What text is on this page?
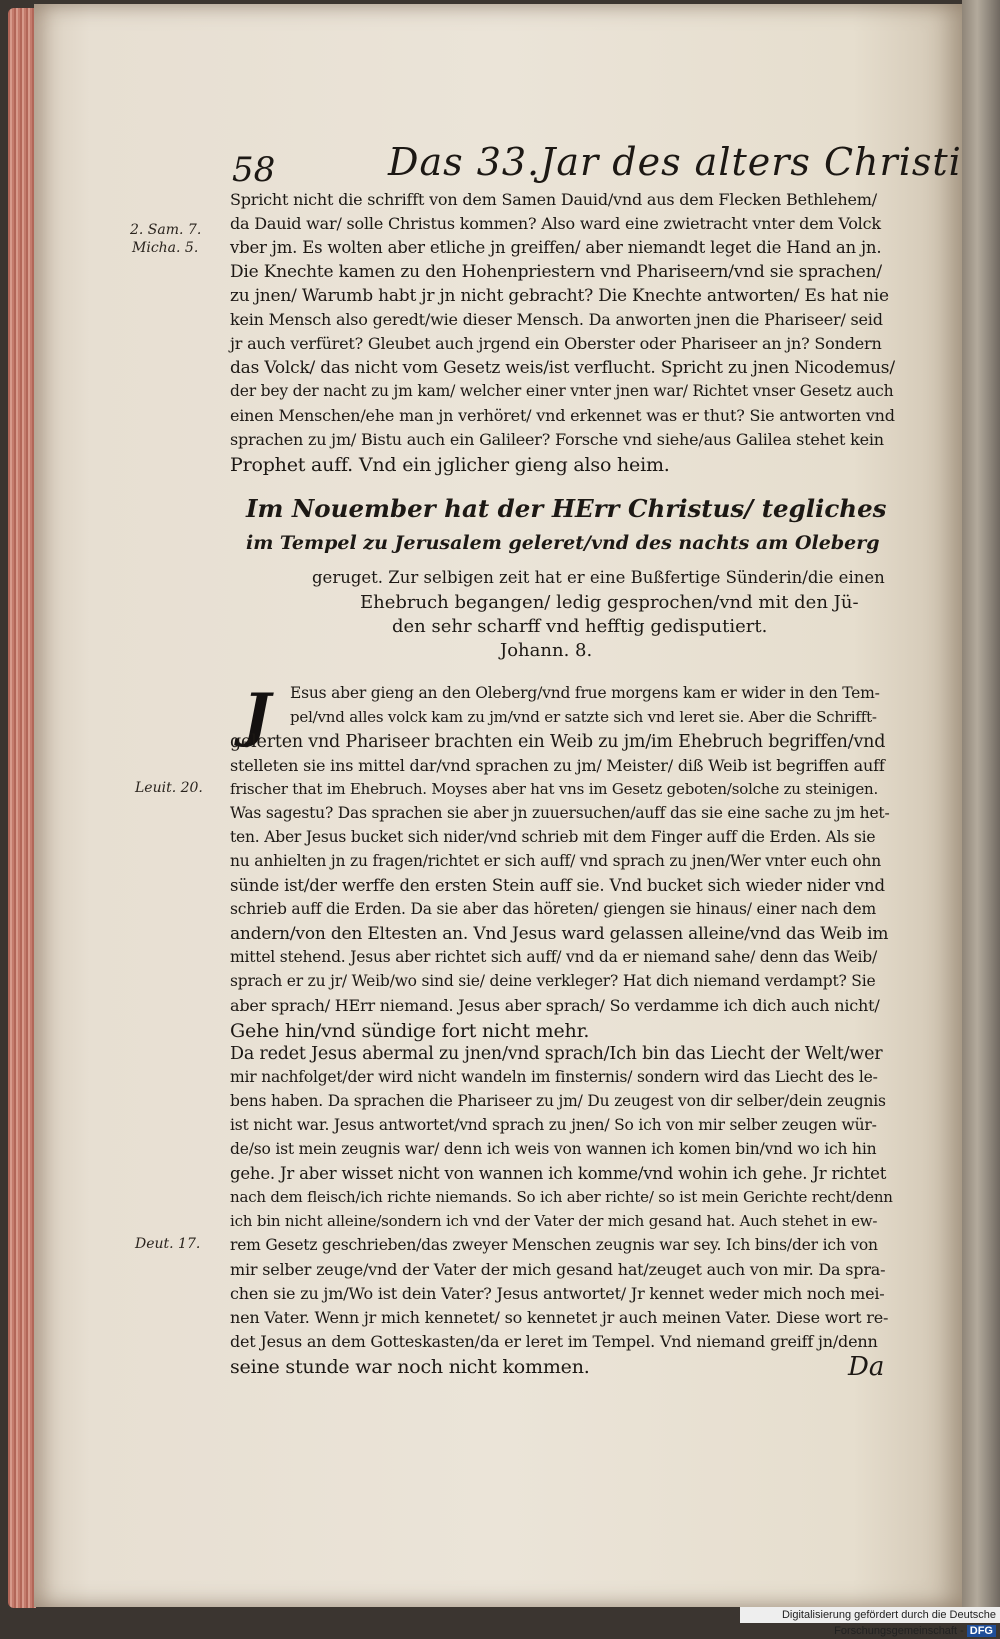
58	Das 33.Jar des alters Christi
2. Sam. 7.
Micha. 5.
Leuit. 20.
Deut. 17.
Spricht nicht die schrifft von dem Samen Dauid/vnd aus dem Flecken Bethlehem/
da Dauid war/ solle Christus kommen? Also ward eine zwietracht vnter dem Volck
vber jm. Es wolten aber etliche jn greiffen/ aber niemandt leget die Hand an jn.
Die Knechte kamen zu den Hohenpriestern vnd Phariseern/vnd sie sprachen/
zu jnen/ Warumb habt jr jn nicht gebracht? Die Knechte antworten/ Es hat nie
kein Mensch also geredt/wie dieser Mensch. Da anworten jnen die Phariseer/ seid
jr auch verfüret? Gleubet auch jrgend ein Oberster oder Phariseer an jn? Sondern
das Volck/ das nicht vom Gesetz weis/ist verflucht. Spricht zu jnen Nicodemus/
der bey der nacht zu jm kam/ welcher einer vnter jnen war/ Richtet vnser Gesetz auch
einen Menschen/ehe man jn verhöret/ vnd erkennet was er thut? Sie antworten vnd
sprachen zu jm/ Bistu auch ein Galileer? Forsche vnd siehe/aus Galilea stehet kein
Prophet auff. Vnd ein jglicher gieng also heim.
Im Nouember hat der HErr Christus/ tegliches
im Tempel zu Jerusalem geleret/vnd des nachts am Oleberg
geruget. Zur selbigen zeit hat er eine Bußfertige Sünderin/die einen
Ehebruch begangen/ ledig gesprochen/vnd mit den Jü-
den sehr scharff vnd hefftig gedisputiert.
Johann. 8.
J	Esus aber gieng an den Oleberg/vnd frue morgens kam er wider in den Tem-
pel/vnd alles volck kam zu jm/vnd er satzte sich vnd leret sie. Aber die Schrifft-
gelerten vnd Phariseer brachten ein Weib zu jm/im Ehebruch begriffen/vnd
stelleten sie ins mittel dar/vnd sprachen zu jm/ Meister/ diß Weib ist begriffen auff
frischer that im Ehebruch. Moyses aber hat vns im Gesetz geboten/solche zu steinigen.
Was sagestu? Das sprachen sie aber jn zuuersuchen/auff das sie eine sache zu jm het-
ten. Aber Jesus bucket sich nider/vnd schrieb mit dem Finger auff die Erden. Als sie
nu anhielten jn zu fragen/richtet er sich auff/ vnd sprach zu jnen/Wer vnter euch ohn
sünde ist/der werffe den ersten Stein auff sie. Vnd bucket sich wieder nider vnd
schrieb auff die Erden. Da sie aber das höreten/ giengen sie hinaus/ einer nach dem
andern/von den Eltesten an. Vnd Jesus ward gelassen alleine/vnd das Weib im
mittel stehend. Jesus aber richtet sich auff/ vnd da er niemand sahe/ denn das Weib/
sprach er zu jr/ Weib/wo sind sie/ deine verkleger? Hat dich niemand verdampt? Sie
aber sprach/ HErr niemand. Jesus aber sprach/ So verdamme ich dich auch nicht/
Gehe hin/vnd sündige fort nicht mehr.
Da redet Jesus abermal zu jnen/vnd sprach/Ich bin das Liecht der Welt/wer
mir nachfolget/der wird nicht wandeln im finsternis/ sondern wird das Liecht des le-
bens haben. Da sprachen die Phariseer zu jm/ Du zeugest von dir selber/dein zeugnis
ist nicht war. Jesus antwortet/vnd sprach zu jnen/ So ich von mir selber zeugen wür-
de/so ist mein zeugnis war/ denn ich weis von wannen ich komen bin/vnd wo ich hin
gehe. Jr aber wisset nicht von wannen ich komme/vnd wohin ich gehe. Jr richtet
nach dem fleisch/ich richte niemands. So ich aber richte/ so ist mein Gerichte recht/denn
ich bin nicht alleine/sondern ich vnd der Vater der mich gesand hat. Auch stehet in ew-
rem Gesetz geschrieben/das zweyer Menschen zeugnis war sey. Ich bins/der ich von
mir selber zeuge/vnd der Vater der mich gesand hat/zeuget auch von mir. Da spra-
chen sie zu jm/Wo ist dein Vater? Jesus antwortet/ Jr kennet weder mich noch mei-
nen Vater. Wenn jr mich kennetet/ so kennetet jr auch meinen Vater. Diese wort re-
det Jesus an dem Gotteskasten/da er leret im Tempel. Vnd niemand greiff jn/denn
seine stunde war noch nicht kommen.	Da
Digitalisierung gefördert durch die Deutsche Forschungsgemeinschaft - DFG
